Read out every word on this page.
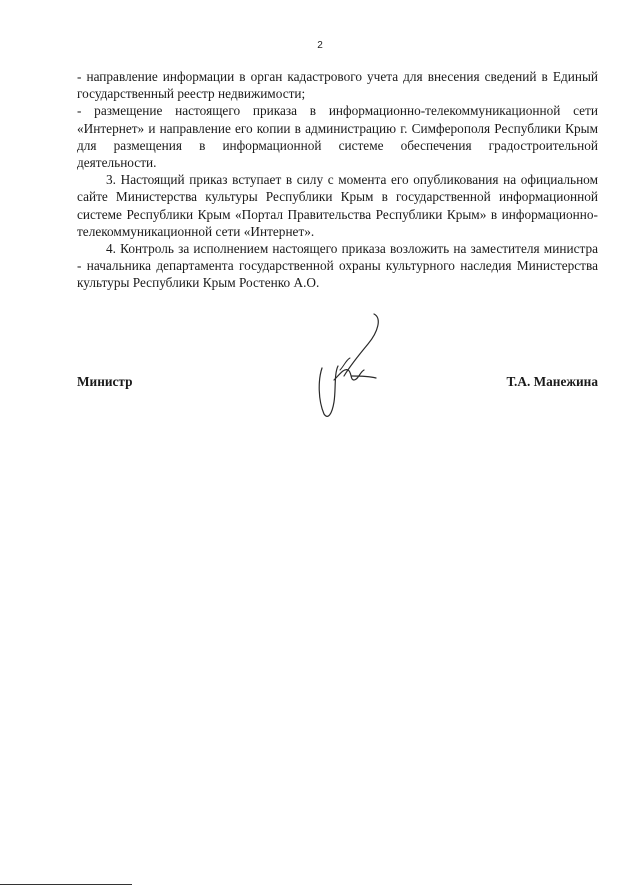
2

- направление информации в орган кадастрового учета для внесения сведений в Единый государственный реестр недвижимости;

- размещение настоящего приказа в информационно-телекоммуникационной сети «Интернет» и направление его копии в администрацию г. Симферополя Республики Крым для размещения в информационной системе обеспечения градостроительной деятельности.

3. Настоящий приказ вступает в силу с момента его опубликования на официальном сайте Министерства культуры Республики Крым в государственной информационной системе Республики Крым «Портал Правительства Республики Крым» в информационно-телекоммуникационной сети «Интернет».

4. Контроль за исполнением настоящего приказа возложить на заместителя министра - начальника департамента государственной охраны культурного наследия Министерства культуры Республики Крым Ростенко А.О.

Министр	Т.А. Манежина
